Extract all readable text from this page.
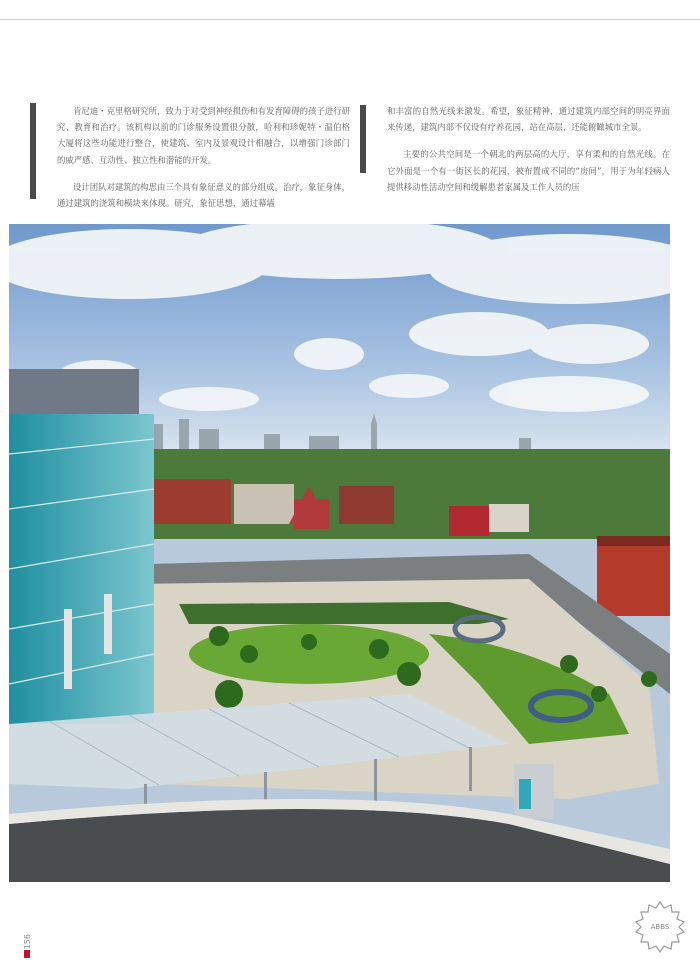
肯尼迪・克里格研究所，致力于对受到神经损伤和有发育障碍的孩子进行研究、教育和治疗。该机构以前的门诊服务设置很分散，哈利和珍妮特・温伯格大厦将这些功能进行整合，使建筑、室内及景观设计相融合，以增强门诊部门的威严感、互动性、独立性和潜能的开发。

设计团队对建筑的构思由三个具有象征意义的部分组成。治疗，象征身体，通过建筑的浇筑和模块来体现。研究，象征思想，通过幕墙

和丰富的自然光线来激发。希望，象征精神，通过建筑内部空间的明亮界面来传递，建筑内部不仅设有疗养花园，站在高层，还能俯瞰城市全景。

主要的公共空间是一个朝北的两层高的大厅，享有柔和的自然光线。在它外面是一个有一街区长的花园，被布置成不同的“房间”，用于为年轻病人提供移动性活动空间和缓解患者家属及工作人员的压

156
ABBS
